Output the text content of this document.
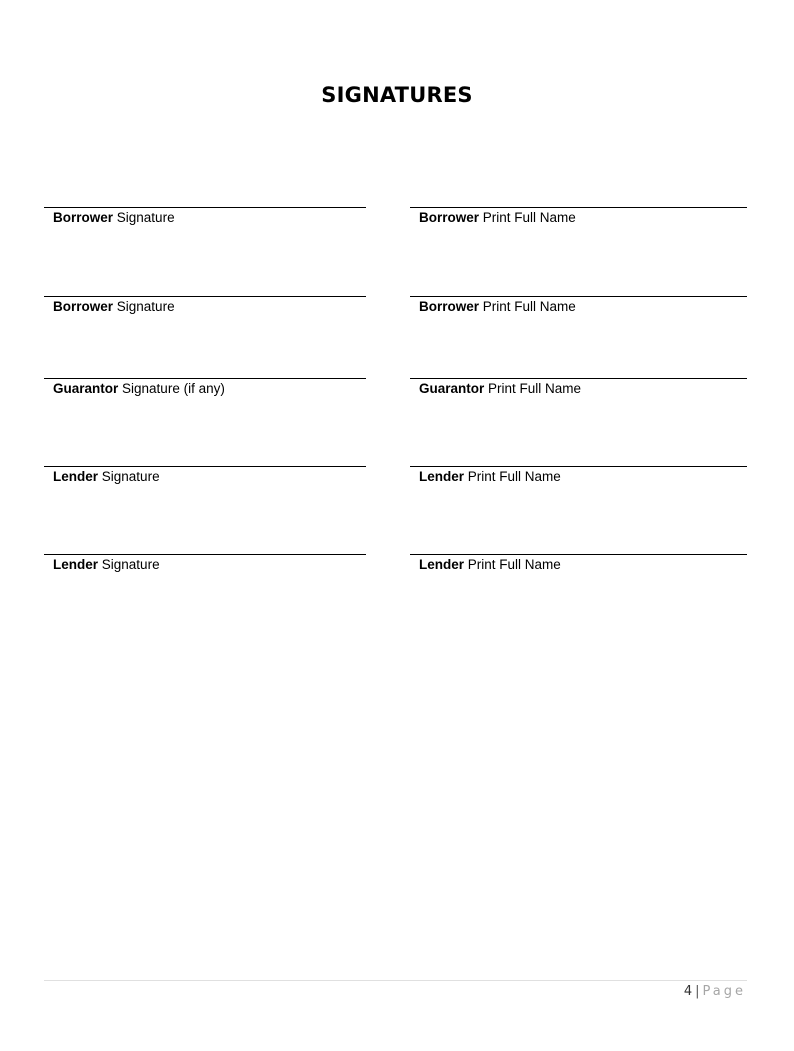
SIGNATURES
Borrower Signature	Borrower Print Full Name
Borrower Signature	Borrower Print Full Name
Guarantor Signature (if any)	Guarantor Print Full Name
Lender Signature	Lender Print Full Name
Lender Signature	Lender Print Full Name
4 | Page
